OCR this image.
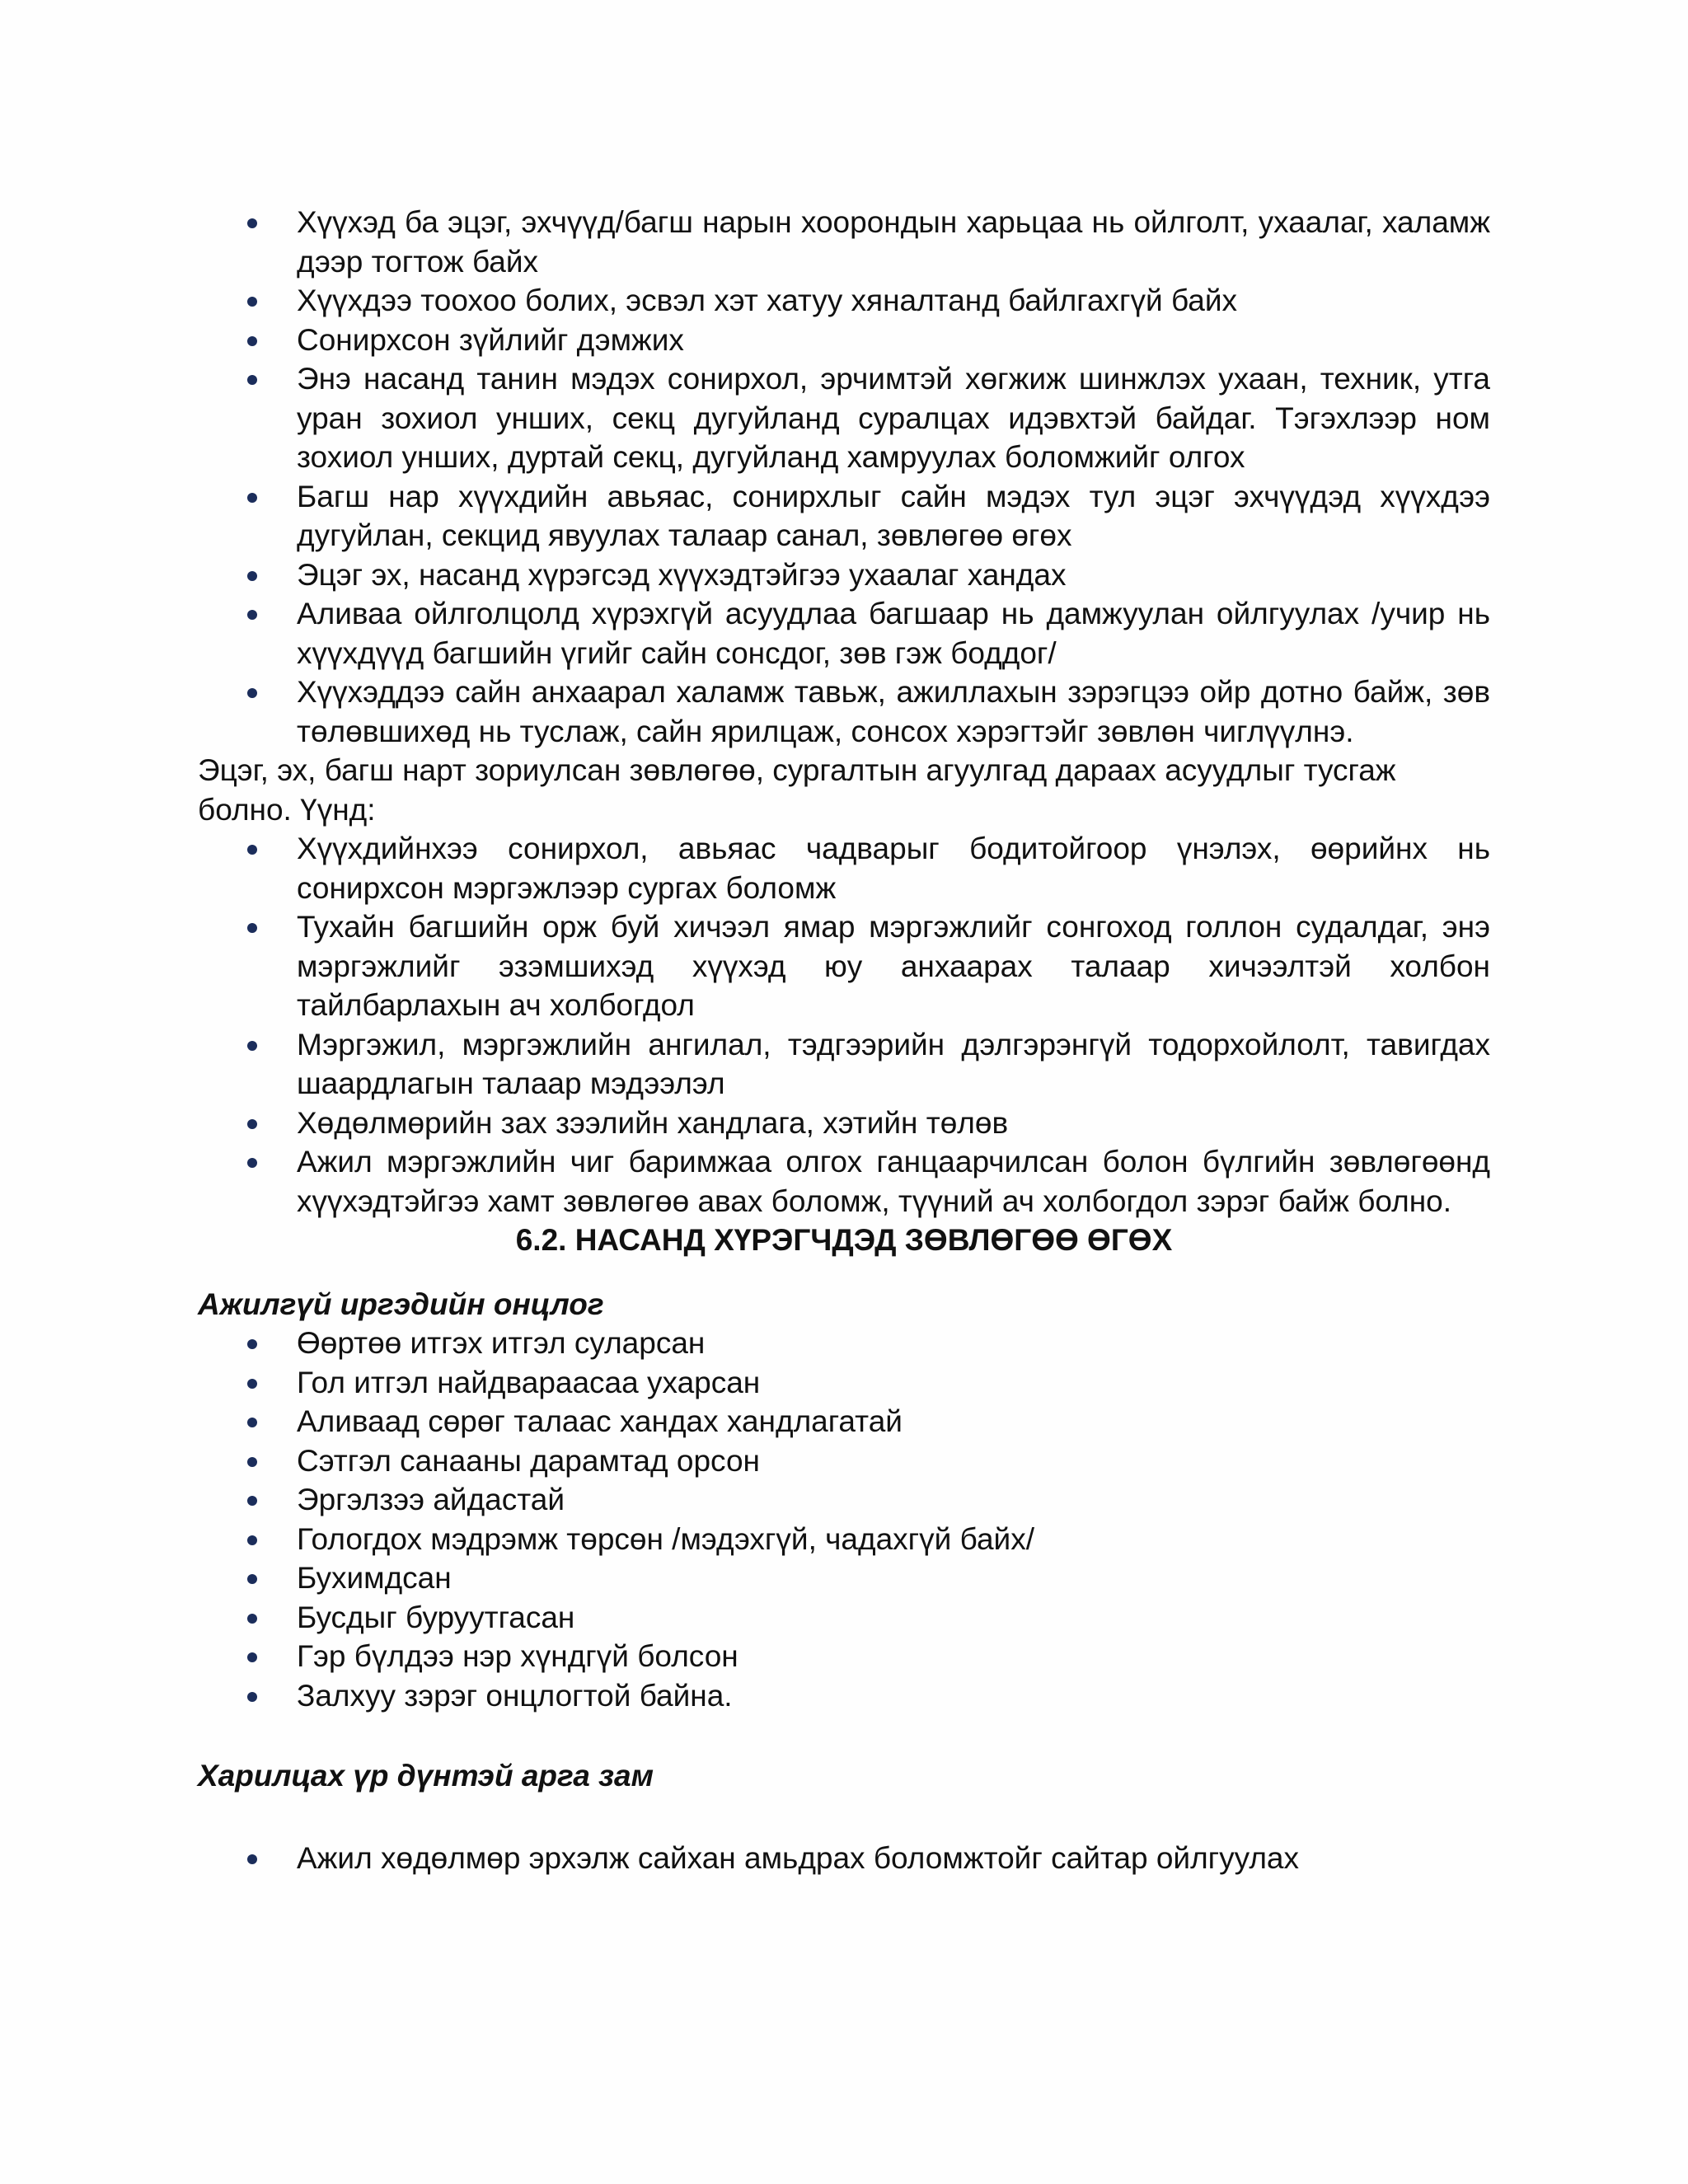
Хүүхэд ба эцэг, эхчүүд/багш нарын хоорондын харьцаа нь ойлголт, ухаалаг, халамж дээр тогтож байх
Хүүхдээ тоохоо болих, эсвэл хэт хатуу хяналтанд байлгахгүй байх
Сонирхсон зүйлийг дэмжих
Энэ насанд танин мэдэх сонирхол, эрчимтэй хөгжиж шинжлэх ухаан, техник, утга уран зохиол унших, секц дугуйланд суралцах идэвхтэй байдаг. Тэгэхлээр ном зохиол унших, дуртай секц, дугуйланд хамруулах боломжийг олгох
Багш нар хүүхдийн авьяас, сонирхлыг сайн мэдэх тул эцэг эхчүүдэд хүүхдээ дугуйлан, секцид явуулах талаар санал, зөвлөгөө өгөх
Эцэг эх, насанд хүрэгсэд хүүхэдтэйгээ ухаалаг хандах
Аливаа ойлголцолд хүрэхгүй асуудлаа багшаар нь дамжуулан ойлгуулах /учир нь хүүхдүүд багшийн үгийг сайн сонсдог, зөв гэж боддог/
Хүүхэддээ сайн анхаарал халамж тавьж, ажиллахын зэрэгцээ ойр дотно байж, зөв төлөвшихөд нь туслаж, сайн ярилцаж, сонсох хэрэгтэйг зөвлөн чиглүүлнэ.

Эцэг, эх, багш нарт зориулсан зөвлөгөө, сургалтын агуулгад дараах асуудлыг тусгаж болно. Үүнд:

Хүүхдийнхээ сонирхол, авьяас чадварыг бодитойгоор үнэлэх, өөрийнх нь сонирхсон мэргэжлээр сургах боломж
Тухайн багшийн орж буй хичээл ямар мэргэжлийг сонгоход голлон судалдаг, энэ мэргэжлийг эзэмшихэд хүүхэд юу анхаарах талаар хичээлтэй холбон тайлбарлахын ач холбогдол
Мэргэжил, мэргэжлийн ангилал, тэдгээрийн дэлгэрэнгүй тодорхойлолт, тавигдах шаардлагын талаар мэдээлэл
Хөдөлмөрийн зах зээлийн хандлага, хэтийн төлөв
Ажил мэргэжлийн чиг баримжаа олгох ганцаарчилсан болон бүлгийн зөвлөгөөнд хүүхэдтэйгээ хамт зөвлөгөө авах боломж, түүний ач холбогдол зэрэг байж болно.
6.2. НАСАНД ХҮРЭГЧДЭД ЗӨВЛӨГӨӨ ӨГӨХ

Ажилгүй иргэдийн онцлог

Өөртөө итгэх итгэл суларсан
Гол итгэл найдвараасаа ухарсан
Аливаад сөрөг талаас хандах хандлагатай
Сэтгэл санааны дарамтад орсон
Эргэлзээ айдастай
Гологдох мэдрэмж төрсөн /мэдэхгүй, чадахгүй байх/
Бухимдсан
Бусдыг буруутгасан
Гэр бүлдээ нэр хүндгүй болсон
Залхуу зэрэг онцлогтой байна.

Харилцах үр дүнтэй арга зам

Ажил хөдөлмөр эрхэлж сайхан амьдрах боломжтойг сайтар ойлгуулах
